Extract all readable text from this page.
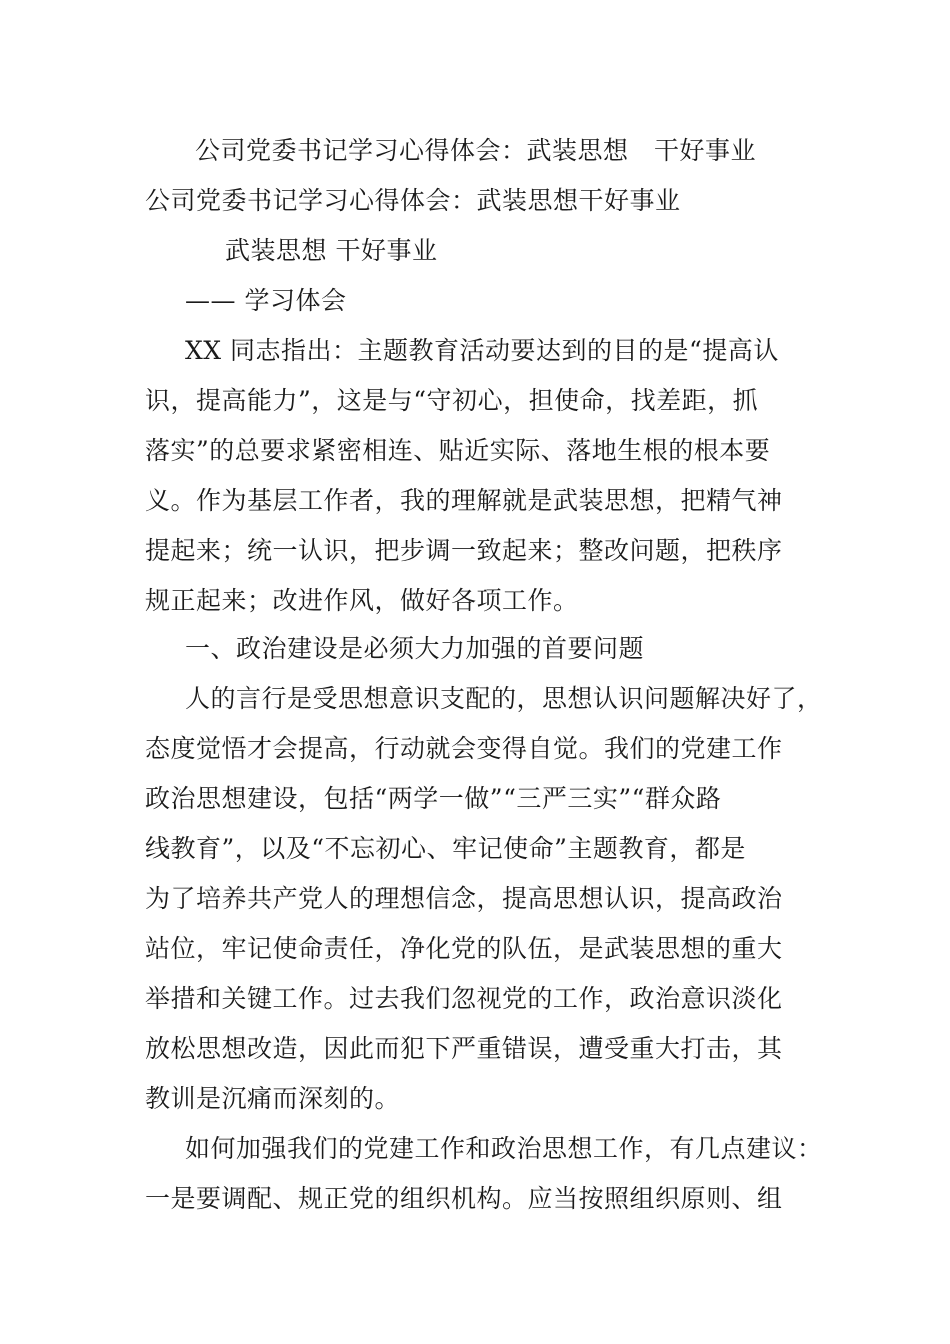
公司党委书记学习心得体会：武装思想　干好事业
公司党委书记学习心得体会：武装思想干好事业
武装思想 干好事业
—— 学习体会
XX 同志指出：主题教育活动要达到的目的是“提高认
识，提高能力”，这是与“守初心，担使命，找差距，抓
落实”的总要求紧密相连、贴近实际、落地生根的根本要
义。作为基层工作者，我的理解就是武装思想，把精气神
提起来；统一认识，把步调一致起来；整改问题，把秩序
规正起来；改进作风，做好各项工作。
一、政治建设是必须大力加强的首要问题
人的言行是受思想意识支配的，思想认识问题解决好了，
态度觉悟才会提高，行动就会变得自觉。我们的党建工作
政治思想建设，包括“两学一做”“三严三实”“群众路
线教育”，以及“不忘初心、牢记使命”主题教育，都是
为了培养共产党人的理想信念，提高思想认识，提高政治
站位，牢记使命责任，净化党的队伍，是武装思想的重大
举措和关键工作。过去我们忽视党的工作，政治意识淡化
放松思想改造，因此而犯下严重错误，遭受重大打击，其
教训是沉痛而深刻的。
如何加强我们的党建工作和政治思想工作，有几点建议：
一是要调配、规正党的组织机构。应当按照组织原则、组
